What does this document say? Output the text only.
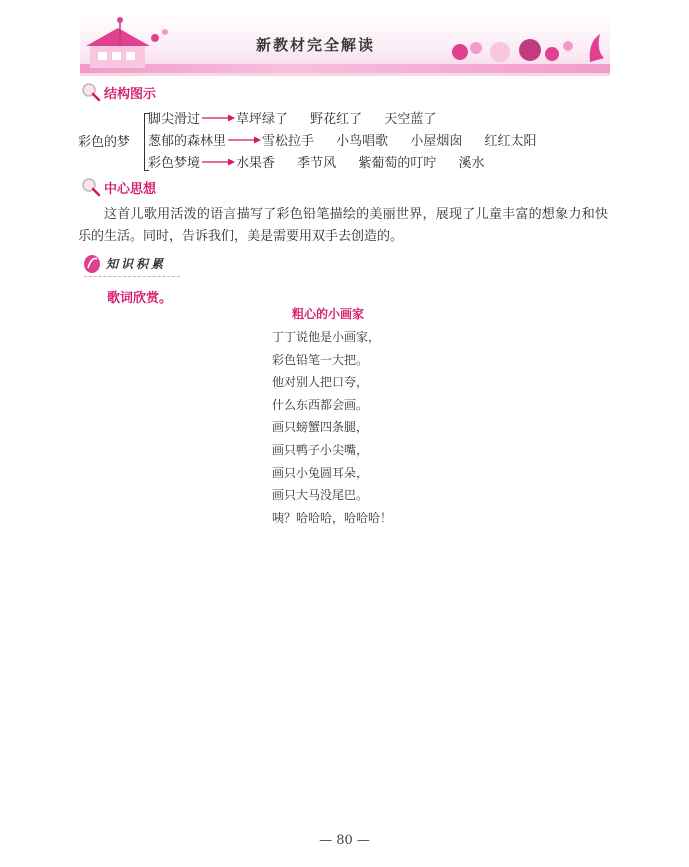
新教材完全解读
结构图示
彩色的梦
脚尖滑过	草坪绿了 野花红了 天空蓝了
葱郁的森林里	雪松拉手 小鸟唱歌 小屋烟囱 红红太阳
彩色梦境	水果香 季节风 紫葡萄的叮咛 溪水
中心思想
这首儿歌用活泼的语言描写了彩色铅笔描绘的美丽世界，展现了儿童丰富的想象力和快乐的生活。同时，告诉我们，美是需要用双手去创造的。
知识积累
歌词欣赏。
粗心的小画家
丁丁说他是小画家，
彩色铅笔一大把。
他对别人把口夸，
什么东西都会画。
画只螃蟹四条腿，
画只鸭子小尖嘴，
画只小兔圆耳朵，
画只大马没尾巴。
咦？哈哈哈，哈哈哈！
— 80 —
